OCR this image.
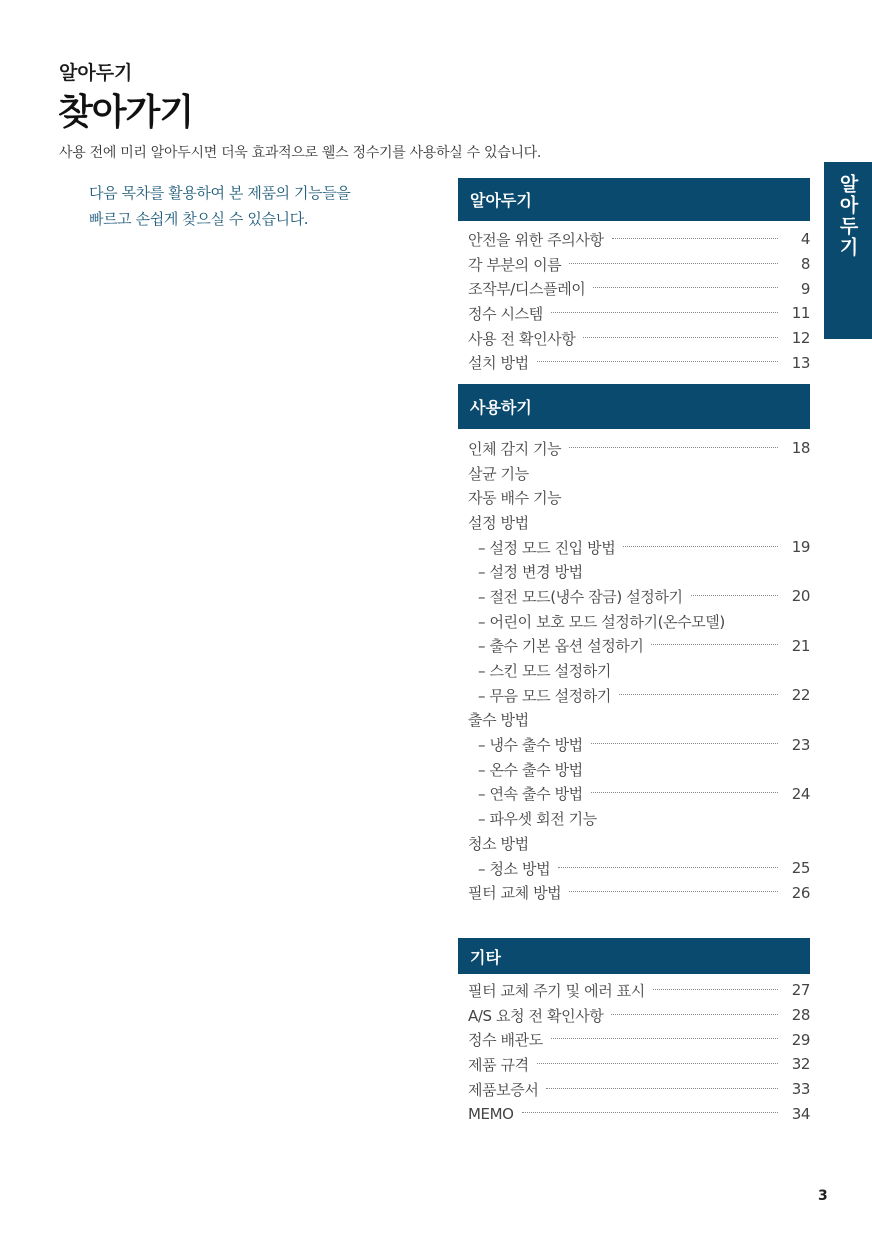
알아두기
찾아가기
사용 전에 미리 알아두시면 더욱 효과적으로 웰스 정수기를 사용하실 수 있습니다.
다음 목차를 활용하여 본 제품의 기능들을
빠르고 손쉽게 찾으실 수 있습니다.	알아두기
알아두기
안전을 위한 주의사항	4
각 부분의 이름	8
조작부/디스플레이	9
정수 시스템	11
사용 전 확인사항	12
설치 방법	13
사용하기
인체 감지 기능	18
살균 기능
자동 배수 기능
설정 방법
– 설정 모드 진입 방법	19
– 설정 변경 방법
– 절전 모드(냉수 잠금) 설정하기	20
– 어린이 보호 모드 설정하기(온수모델)
– 출수 기본 옵션 설정하기	21
– 스킨 모드 설정하기
– 무음 모드 설정하기	22
출수 방법
– 냉수 출수 방법	23
– 온수 출수 방법
– 연속 출수 방법	24
– 파우셋 회전 기능
청소 방법
– 청소 방법	25
필터 교체 방법	26
기타
필터 교체 주기 및 에러 표시	27
A/S 요청 전 확인사항	28
정수 배관도	29
제품 규격	32
제품보증서	33
MEMO	34
3
